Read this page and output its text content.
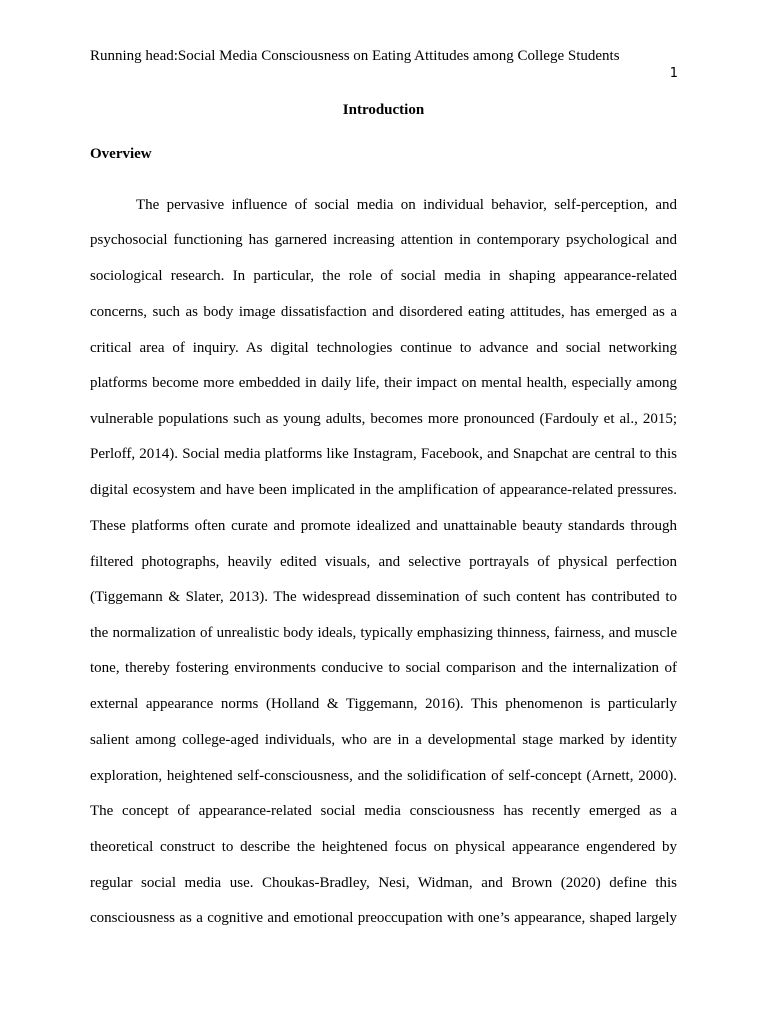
Running head:Social Media Consciousness on Eating Attitudes among College Students
1
Introduction
Overview
The pervasive influence of social media on individual behavior, self-perception, and
psychosocial functioning has garnered increasing attention in contemporary psychological and
sociological research. In particular, the role of social media in shaping appearance-related
concerns, such as body image dissatisfaction and disordered eating attitudes, has emerged as a
critical area of inquiry. As digital technologies continue to advance and social networking
platforms become more embedded in daily life, their impact on mental health, especially among
vulnerable populations such as young adults, becomes more pronounced (Fardouly et al., 2015;
Perloff, 2014). Social media platforms like Instagram, Facebook, and Snapchat are central to this
digital ecosystem and have been implicated in the amplification of appearance-related pressures.
These platforms often curate and promote idealized and unattainable beauty standards through
filtered photographs, heavily edited visuals, and selective portrayals of physical perfection
(Tiggemann & Slater, 2013). The widespread dissemination of such content has contributed to
the normalization of unrealistic body ideals, typically emphasizing thinness, fairness, and muscle
tone, thereby fostering environments conducive to social comparison and the internalization of
external appearance norms (Holland & Tiggemann, 2016). This phenomenon is particularly
salient among college-aged individuals, who are in a developmental stage marked by identity
exploration, heightened self-consciousness, and the solidification of self-concept (Arnett, 2000).
The concept of appearance-related social media consciousness has recently emerged as a
theoretical construct to describe the heightened focus on physical appearance engendered by
regular social media use. Choukas-Bradley, Nesi, Widman, and Brown (2020) define this
consciousness as a cognitive and emotional preoccupation with one’s appearance, shaped largely
